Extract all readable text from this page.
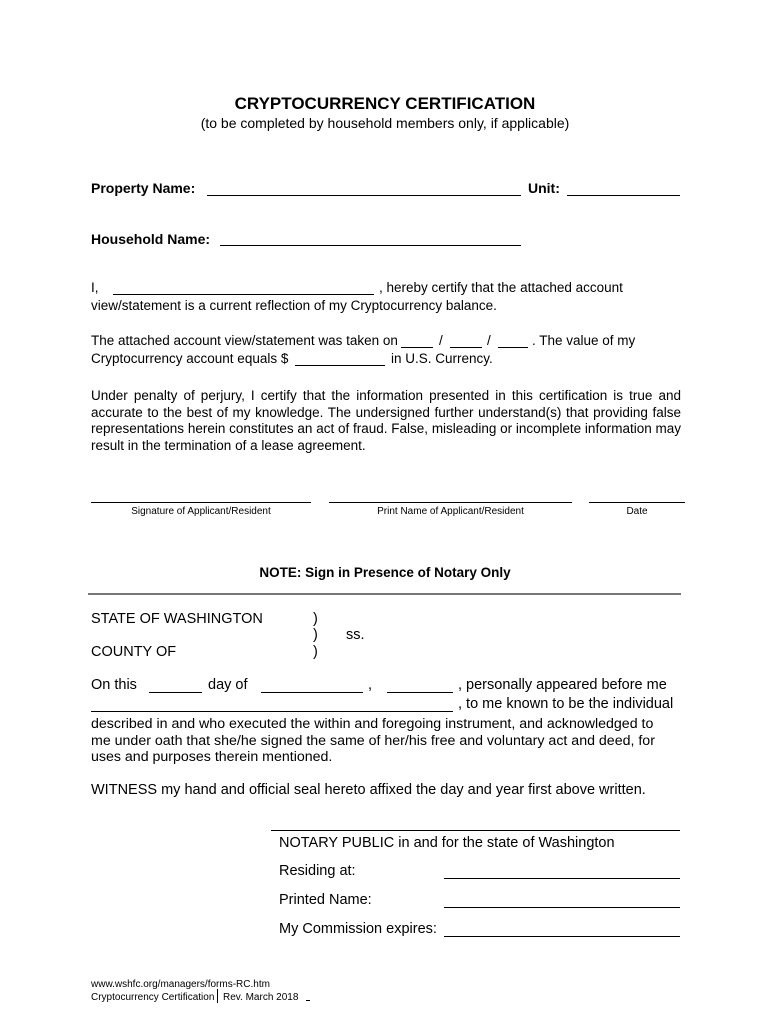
CRYPTOCURRENCY CERTIFICATION
(to be completed by household members only, if applicable)
Property Name:	Unit:
Household Name:
I,	, hereby certify that the attached account
view/statement is a current reflection of my Cryptocurrency balance.
The attached account view/statement was taken on	/	/	. The value of my
Cryptocurrency account equals $	in U.S. Currency.
Under penalty of perjury, I certify that the information presented in this certification is true and accurate to the best of my knowledge. The undersigned further understand(s) that providing false representations herein constitutes an act of fraud. False, misleading or incomplete information may result in the termination of a lease agreement.
Signature of Applicant/Resident	Print Name of Applicant/Resident	Date
NOTE: Sign in Presence of Notary Only
STATE OF WASHINGTON	)
) ss.
COUNTY OF	)
On this	day of	,	, personally appeared before me
, to me known to be the individual
described in and who executed the within and foregoing instrument, and acknowledged to me under oath that she/he signed the same of her/his free and voluntary act and deed, for uses and purposes therein mentioned.
WITNESS my hand and official seal hereto affixed the day and year first above written.
NOTARY PUBLIC in and for the state of Washington
Residing at:
Printed Name:
My Commission expires:
www.wshfc.org/managers/forms-RC.htm
Cryptocurrency Certification Rev. March 2018
